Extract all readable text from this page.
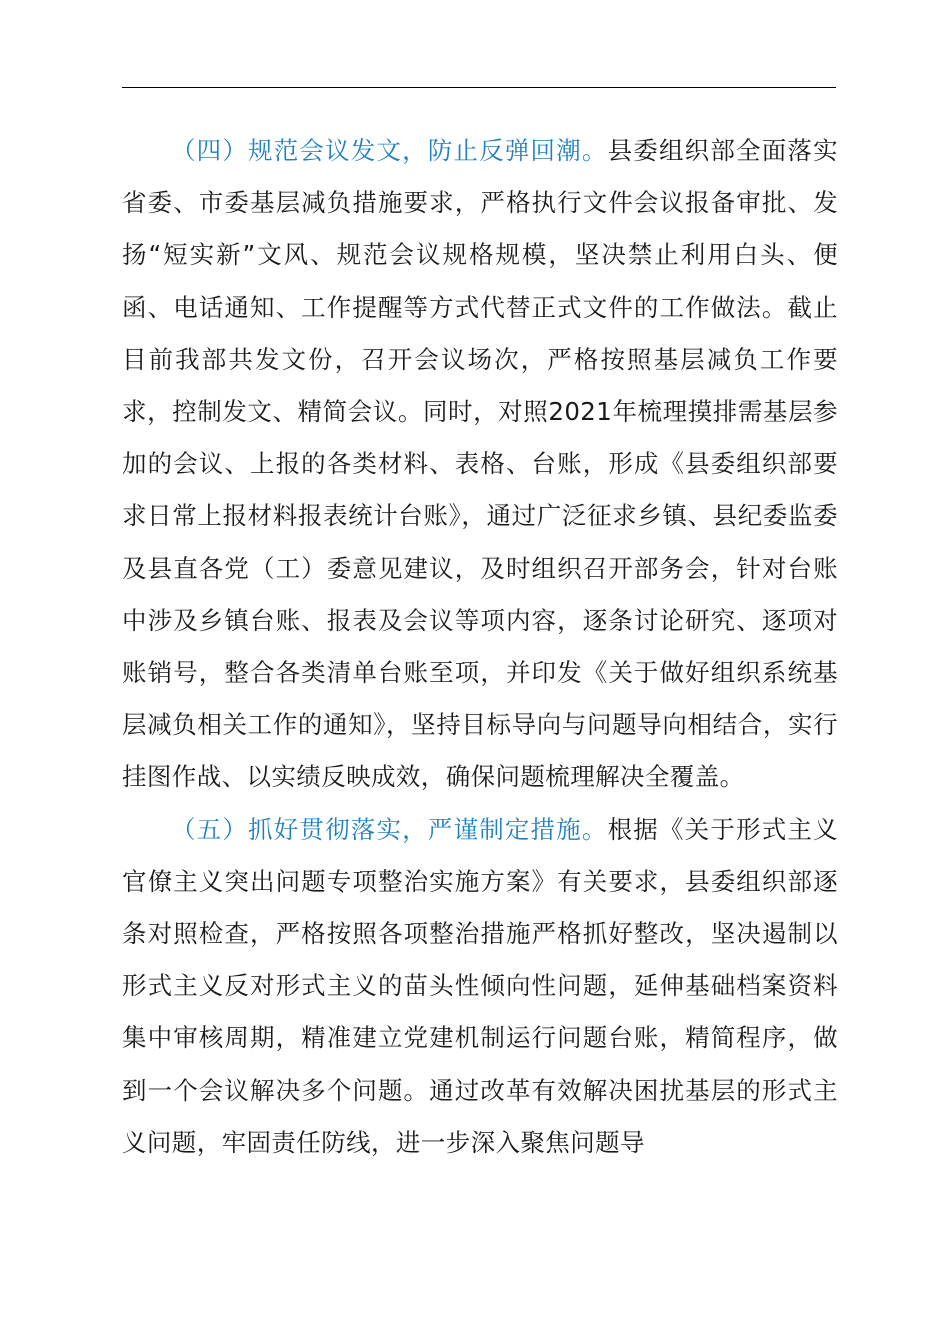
（四）规范会议发文，防止反弹回潮。县委组织部全面落实省委、市委基层减负措施要求，严格执行文件会议报备审批、发扬“短实新”文风、规范会议规格规模，坚决禁止利用白头、便函、电话通知、工作提醒等方式代替正式文件的工作做法。截止目前我部共发文份，召开会议场次，严格按照基层减负工作要求，控制发文、精简会议。同时，对照2021年梳理摸排需基层参加的会议、上报的各类材料、表格、台账，形成《县委组织部要求日常上报材料报表统计台账》，通过广泛征求乡镇、县纪委监委及县直各党（工）委意见建议，及时组织召开部务会，针对台账中涉及乡镇台账、报表及会议等项内容，逐条讨论研究、逐项对账销号，整合各类清单台账至项，并印发《关于做好组织系统基层减负相关工作的通知》，坚持目标导向与问题导向相结合，实行挂图作战、以实绩反映成效，确保问题梳理解决全覆盖。

（五）抓好贯彻落实，严谨制定措施。根据《关于形式主义官僚主义突出问题专项整治实施方案》有关要求，县委组织部逐条对照检查，严格按照各项整治措施严格抓好整改，坚决遏制以形式主义反对形式主义的苗头性倾向性问题，延伸基础档案资料集中审核周期，精准建立党建机制运行问题台账，精简程序，做到一个会议解决多个问题。通过改革有效解决困扰基层的形式主义问题，牢固责任防线，进一步深入聚焦问题导
